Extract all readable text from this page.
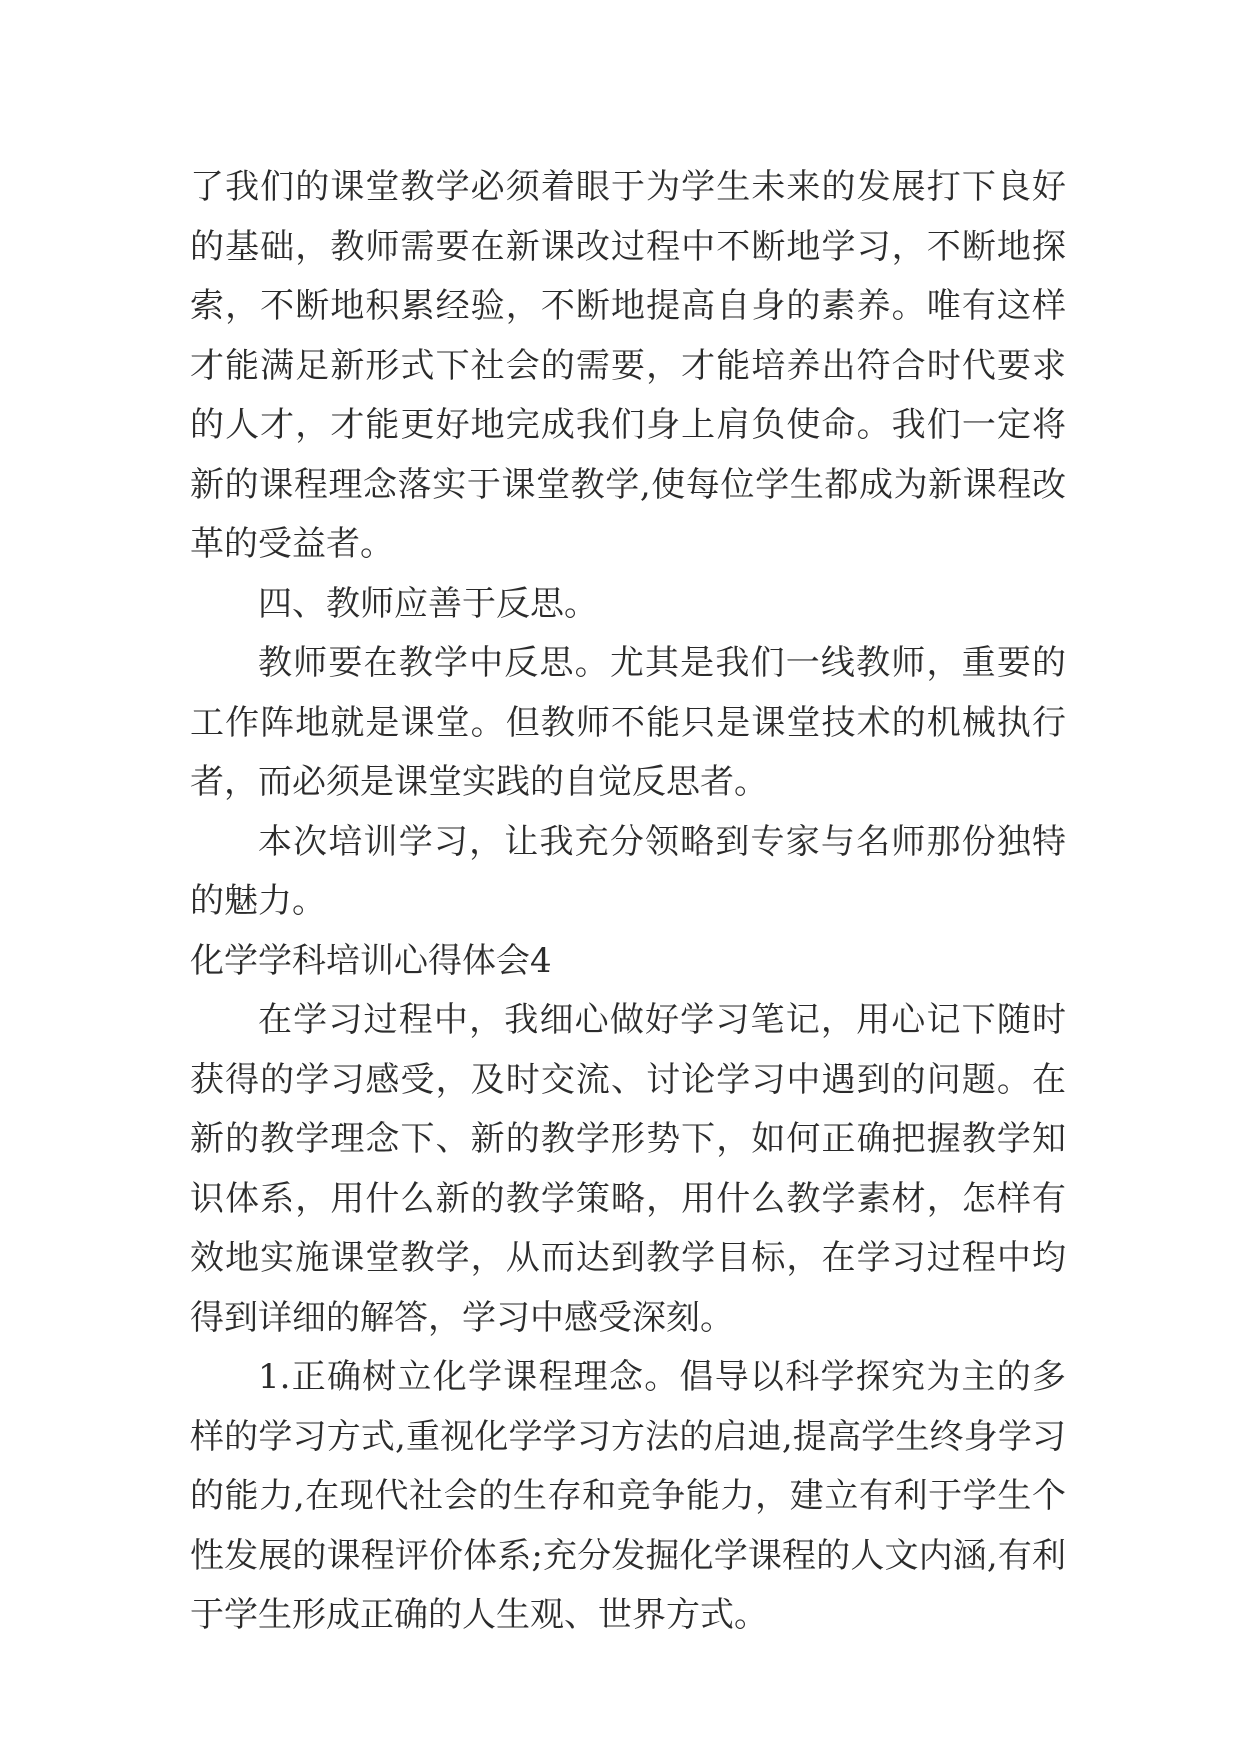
了我们的课堂教学必须着眼于为学生未来的发展打下良好的基础，教师需要在新课改过程中不断地学习，不断地探索，不断地积累经验，不断地提高自身的素养。唯有这样才能满足新形式下社会的需要，才能培养出符合时代要求的人才，才能更好地完成我们身上肩负使命。我们一定将新的课程理念落实于课堂教学,使每位学生都成为新课程改革的受益者。

四、教师应善于反思。

教师要在教学中反思。尤其是我们一线教师，重要的工作阵地就是课堂。但教师不能只是课堂技术的机械执行者，而必须是课堂实践的自觉反思者。

本次培训学习，让我充分领略到专家与名师那份独特的魅力。

化学学科培训心得体会4

在学习过程中，我细心做好学习笔记，用心记下随时获得的学习感受，及时交流、讨论学习中遇到的问题。在新的教学理念下、新的教学形势下，如何正确把握教学知识体系，用什么新的教学策略，用什么教学素材，怎样有效地实施课堂教学，从而达到教学目标，在学习过程中均得到详细的解答，学习中感受深刻。

1.正确树立化学课程理念。倡导以科学探究为主的多样的学习方式,重视化学学习方法的启迪,提高学生终身学习的能力,在现代社会的生存和竞争能力，建立有利于学生个性发展的课程评价体系;充分发掘化学课程的人文内涵,有利于学生形成正确的人生观、世界方式。
